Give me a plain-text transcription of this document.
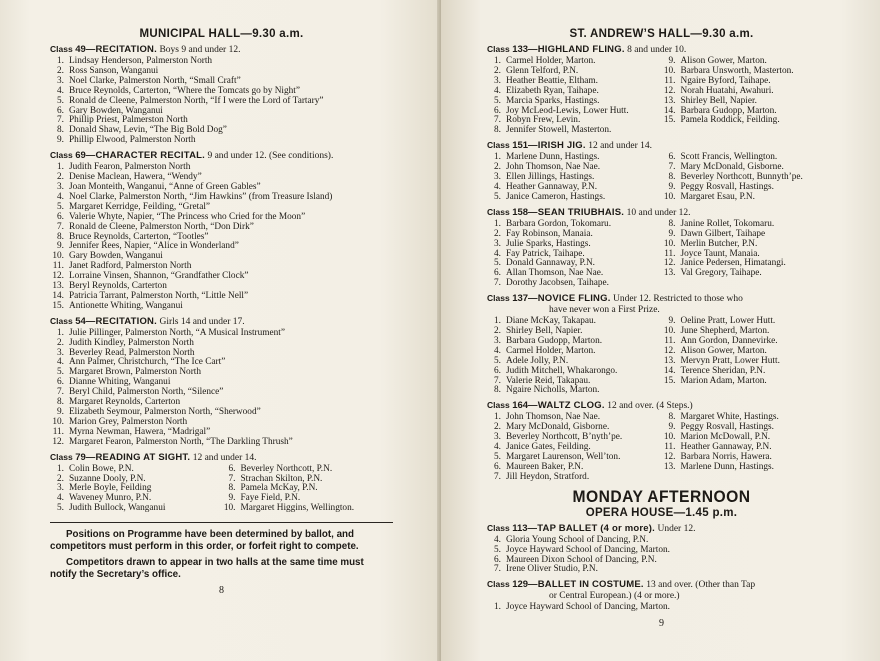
MUNICIPAL HALL—9.30 a.m.
Class 49—RECITATION. Boys 9 and under 12.
1. Lindsay Henderson, Palmerston North
2. Ross Sanson, Wanganui
3. Noel Clarke, Palmerston North, “Small Craft”
4. Bruce Reynolds, Carterton, “Where the Tomcats go by Night”
5. Ronald de Cleene, Palmerston North, “If I were the Lord of Tartary”
6. Gary Bowden, Wanganui
7. Phillip Priest, Palmerston North
8. Donald Shaw, Levin, “The Big Bold Dog”
9. Phillip Elwood, Palmerston North
Class 69—CHARACTER RECITAL. 9 and under 12. (See conditions).
1. Judith Fearon, Palmerston North
2. Denise Maclean, Hawera, “Wendy”
3. Joan Monteith, Wanganui, “Anne of Green Gables”
4. Noel Clarke, Palmerston North, “Jim Hawkins” (from Treasure Island)
5. Margaret Kerridge, Feilding, “Gretal”
6. Valerie Whyte, Napier, “The Princess who Cried for the Moon”
7. Ronald de Cleene, Palmerston North, “Don Dirk”
8. Bruce Reynolds, Carterton, “Tootles”
9. Jennifer Rees, Napier, “Alice in Wonderland”
10. Gary Bowden, Wanganui
11. Janet Radford, Palmerston North
12. Lorraine Vinsen, Shannon, “Grandfather Clock”
13. Beryl Reynolds, Carterton
14. Patricia Tarrant, Palmerston North, “Little Nell”
15. Antionette Whiting, Wanganui
Class 54—RECITATION. Girls 14 and under 17.
1. Julie Pillinger, Palmerston North, “A Musical Instrument”
2. Judith Kindley, Palmerston North
3. Beverley Read, Palmerston North
4. Ann Palmer, Christchurch, “The Ice Cart”
5. Margaret Brown, Palmerston North
6. Dianne Whiting, Wanganui
7. Beryl Child, Palmerston North, “Silence”
8. Margaret Reynolds, Carterton
9. Elizabeth Seymour, Palmerston North, “Sherwood”
10. Marion Grey, Palmerston North
11. Myrna Newman, Hawera, “Madrigal”
12. Margaret Fearon, Palmerston North, “The Darkling Thrush”
Class 79—READING AT SIGHT. 12 and under 14.
1. Colin Bowe, P.N.
2. Suzanne Dooly, P.N.
3. Merle Boyle, Feilding
4. Waveney Munro, P.N.
5. Judith Bullock, Wanganui
6. Beverley Northcott, P.N.
7. Strachan Skilton, P.N.
8. Pamela McKay, P.N.
9. Faye Field, P.N.
10. Margaret Higgins, Wellington.

Positions on Programme have been determined by ballot, and competitors must perform in this order, or forfeit right to compete.

Competitors drawn to appear in two halls at the same time must notify the Secretary’s office.

8
ST. ANDREW’S HALL—9.30 a.m.
Class 133—HIGHLAND FLING. 8 and under 10.
1. Carmel Holder, Marton.
2. Glenn Telford, P.N.
3. Heather Beattie, Eltham.
4. Elizabeth Ryan, Taihape.
5. Marcia Sparks, Hastings.
6. Joy McLeod-Lewis, Lower Hutt.
7. Robyn Frew, Levin.
8. Jennifer Stowell, Masterton.
9. Alison Gower, Marton.
10. Barbara Unsworth, Masterton.
11. Ngaire Byford, Taihape.
12. Norah Huatahi, Awahuri.
13. Shirley Bell, Napier.
14. Barbara Gudopp, Marton.
15. Pamela Roddick, Feilding.
Class 151—IRISH JIG. 12 and under 14.
1. Marlene Dunn, Hastings.
2. John Thomson, Nae Nae.
3. Ellen Jillings, Hastings.
4. Heather Gannaway, P.N.
5. Janice Cameron, Hastings.
6. Scott Francis, Wellington.
7. Mary McDonald, Gisborne.
8. Beverley Northcott, Bunnyth’pe.
9. Peggy Rosvall, Hastings.
10. Margaret Esau, P.N.
Class 158—SEAN TRIUBHAIS. 10 and under 12.
1. Barbara Gordon, Tokomaru.
2. Fay Robinson, Manaia.
3. Julie Sparks, Hastings.
4. Fay Patrick, Taihape.
5. Donald Gannaway, P.N.
6. Allan Thomson, Nae Nae.
7. Dorothy Jacobsen, Taihape.
8. Janine Rollet, Tokomaru.
9. Dawn Gilbert, Taihape
10. Merlin Butcher, P.N.
11. Joyce Taunt, Manaia.
12. Janice Pedersen, Himatangi.
13. Val Gregory, Taihape.
Class 137—NOVICE FLING. Under 12. Restricted to those who
have never won a First Prize.
1. Diane McKay, Takapau.
2. Shirley Bell, Napier.
3. Barbara Gudopp, Marton.
4. Carmel Holder, Marton.
5. Adele Jolly, P.N.
6. Judith Mitchell, Whakarongo.
7. Valerie Reid, Takapau.
8. Ngaire Nicholls, Marton.
9. Oeline Pratt, Lower Hutt.
10. June Shepherd, Marton.
11. Ann Gordon, Dannevirke.
12. Alison Gower, Marton.
13. Mervyn Pratt, Lower Hutt.
14. Terence Sheridan, P.N.
15. Marion Adam, Marton.
Class 164—WALTZ CLOG. 12 and over. (4 Steps.)
1. John Thomson, Nae Nae.
2. Mary McDonald, Gisborne.
3. Beverley Northcott, B’nyth’pe.
4. Janice Gates, Feilding.
5. Margaret Laurenson, Well’ton.
6. Maureen Baker, P.N.
7. Jill Heydon, Stratford.
8. Margaret White, Hastings.
9. Peggy Rosvall, Hastings.
10. Marion McDowall, P.N.
11. Heather Gannaway, P.N.
12. Barbara Norris, Hawera.
13. Marlene Dunn, Hastings.
MONDAY AFTERNOON
OPERA HOUSE—1.45 p.m.
Class 113—TAP BALLET (4 or more). Under 12.
4. Gloria Young School of Dancing, P.N.
5. Joyce Hayward School of Dancing, Marton.
6. Maureen Dixon School of Dancing, P.N.
7. Irene Oliver Studio, P.N.
Class 129—BALLET IN COSTUME. 13 and over. (Other than Tap
or Central European.) (4 or more.)
1. Joyce Hayward School of Dancing, Marton.
9
